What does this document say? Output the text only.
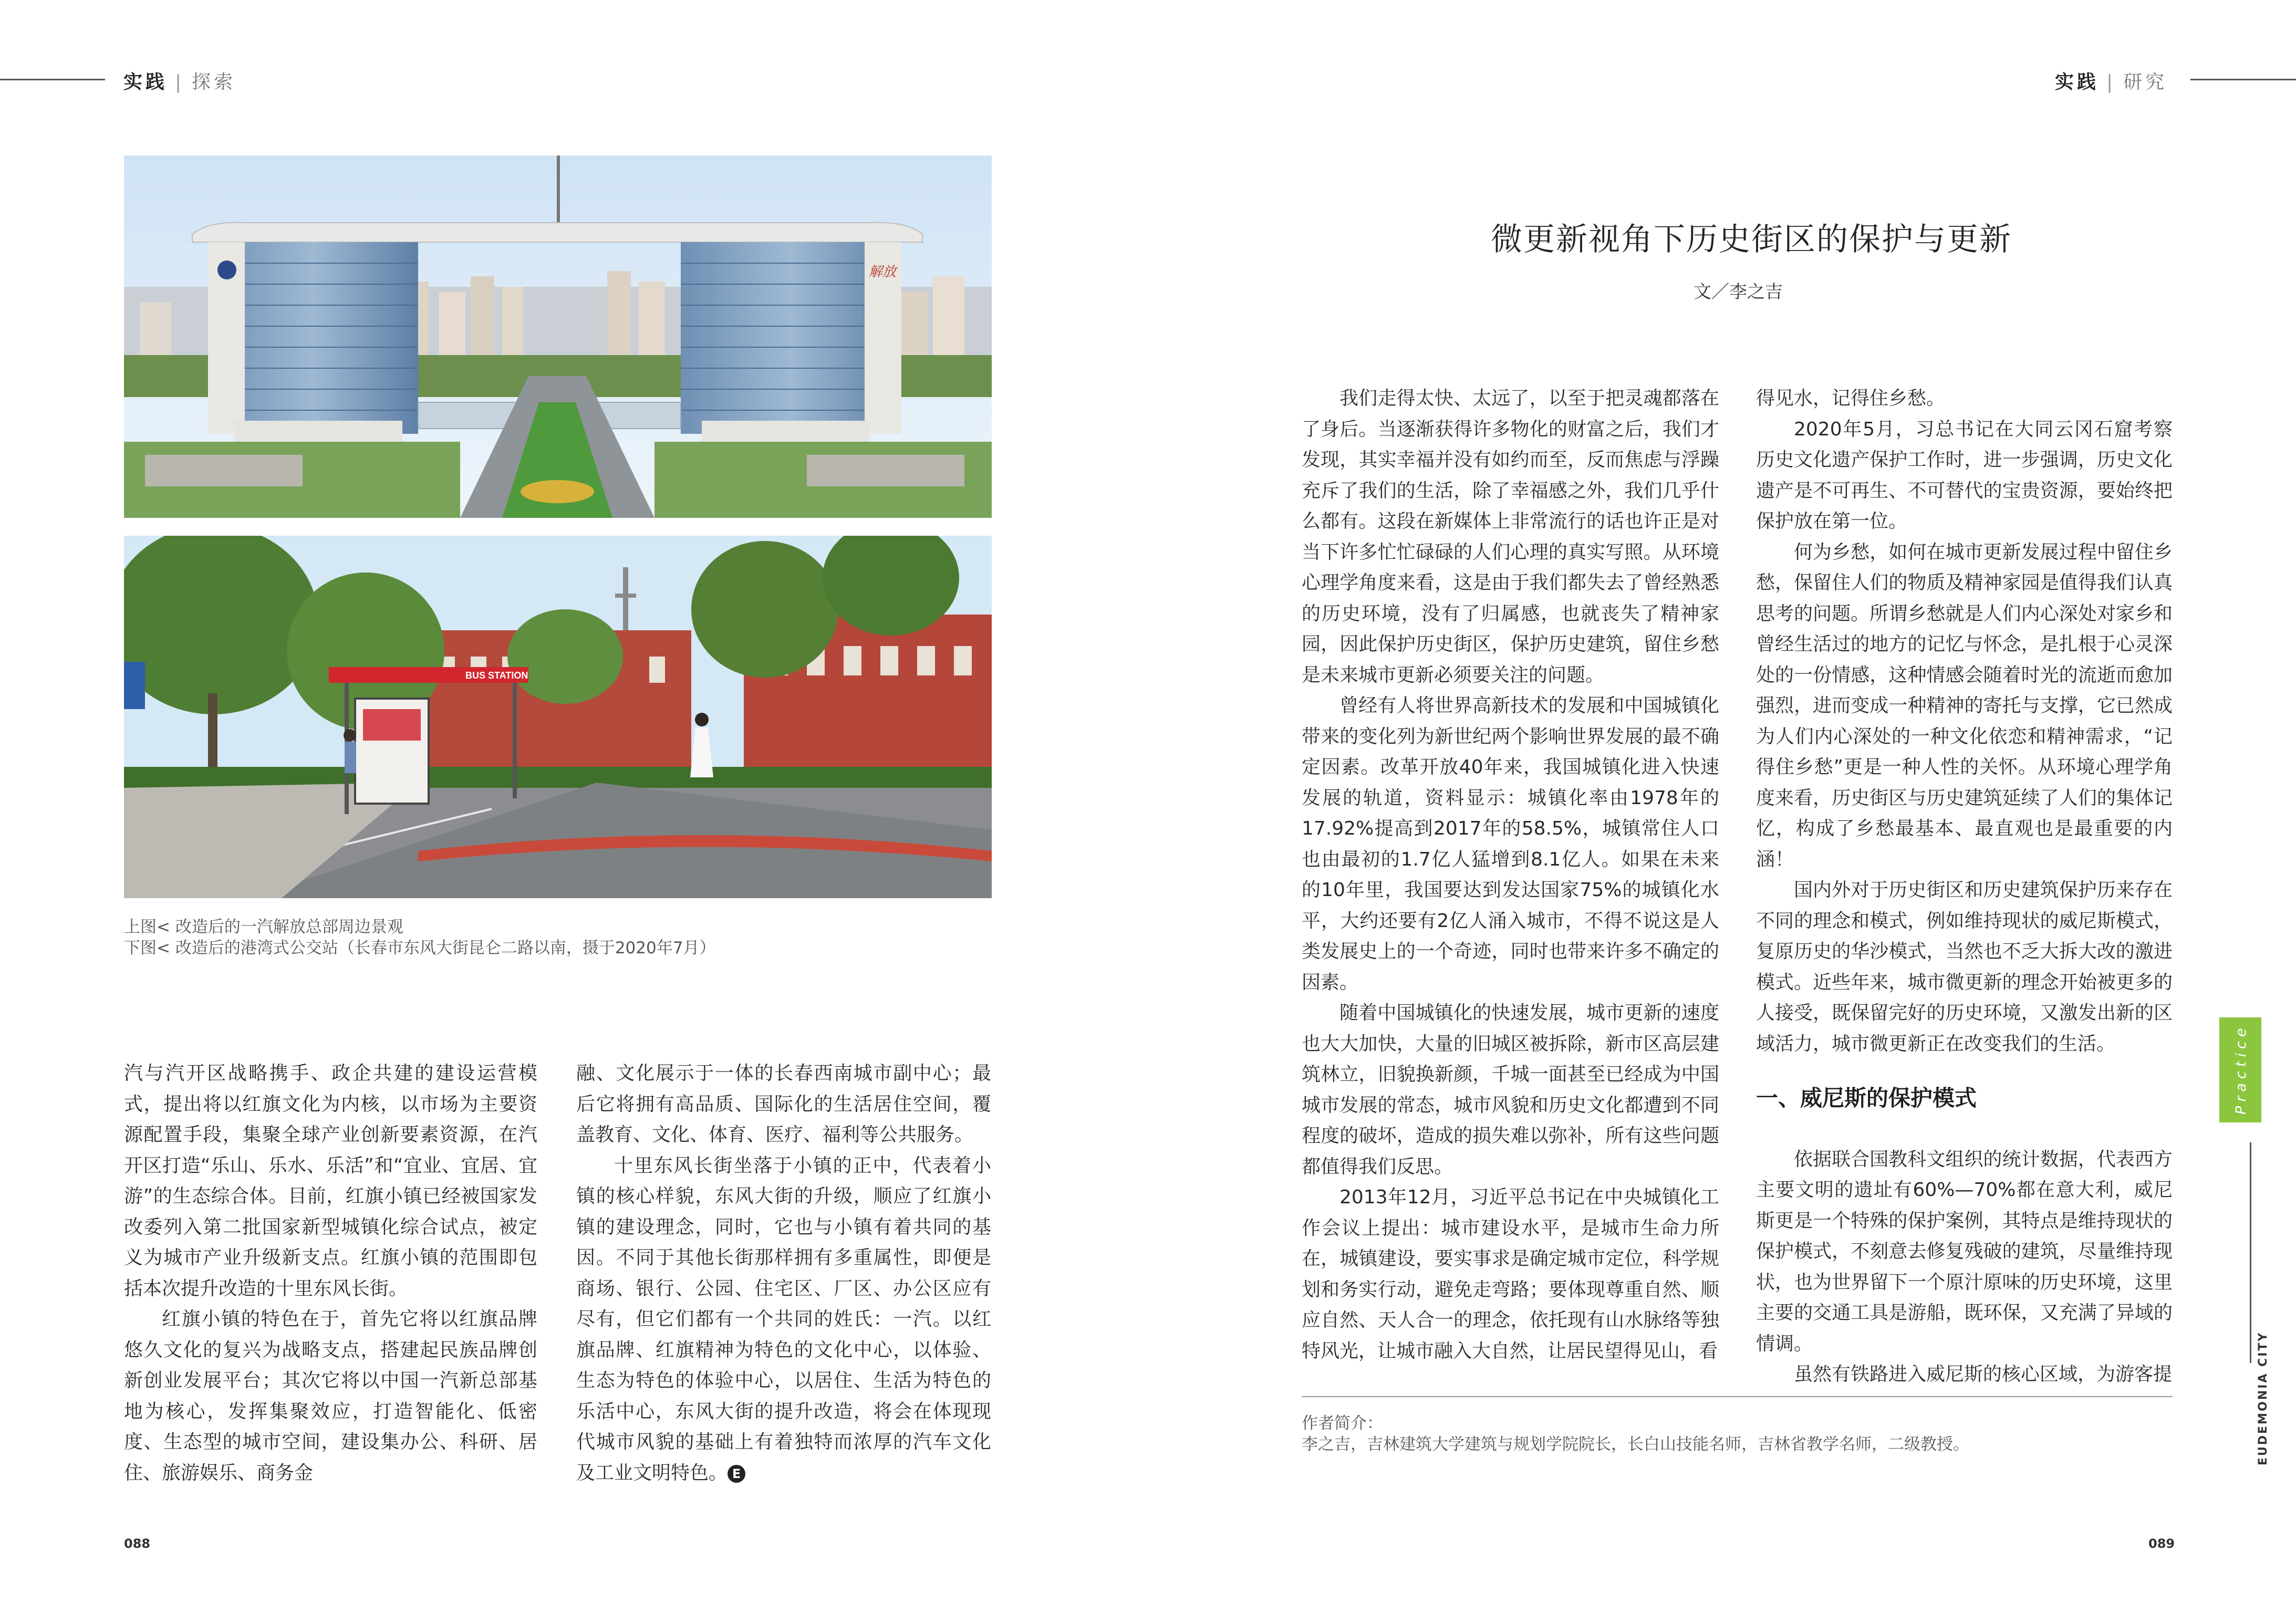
实践 | 探索
解放
BUS STATION
上图< 改造后的一汽解放总部周边景观
下图< 改造后的港湾式公交站（长春市东风大街昆仑二路以南，摄于2020年7月）

汽与汽开区战略携手、政企共建的建设运营模式，提出将以红旗文化为内核，以市场为主要资源配置手段，集聚全球产业创新要素资源，在汽开区打造“乐山、乐水、乐活”和“宜业、宜居、宜游”的生态综合体。目前，红旗小镇已经被国家发改委列入第二批国家新型城镇化综合试点，被定义为城市产业升级新支点。红旗小镇的范围即包括本次提升改造的十里东风长街。

红旗小镇的特色在于，首先它将以红旗品牌悠久文化的复兴为战略支点，搭建起民族品牌创新创业发展平台；其次它将以中国一汽新总部基地为核心，发挥集聚效应，打造智能化、低密度、生态型的城市空间，建设集办公、科研、居住、旅游娱乐、商务金

融、文化展示于一体的长春西南城市副中心；最后它将拥有高品质、国际化的生活居住空间，覆盖教育、文化、体育、医疗、福利等公共服务。

十里东风长街坐落于小镇的正中，代表着小镇的核心样貌，东风大街的升级，顺应了红旗小镇的建设理念，同时，它也与小镇有着共同的基因。不同于其他长街那样拥有多重属性，即便是商场、银行、公园、住宅区、厂区、办公区应有尽有，但它们都有一个共同的姓氏：一汽。以红旗品牌、红旗精神为特色的文化中心，以体验、生态为特色的体验中心，以居住、生活为特色的乐活中心，东风大街的提升改造，将会在体现现代城市风貌的基础上有着独特而浓厚的汽车文化及工业文明特色。 E

088
实践 | 研究
微更新视角下历史街区的保护与更新
文／李之吉

我们走得太快、太远了，以至于把灵魂都落在了身后。当逐渐获得许多物化的财富之后，我们才发现，其实幸福并没有如约而至，反而焦虑与浮躁充斥了我们的生活，除了幸福感之外，我们几乎什么都有。这段在新媒体上非常流行的话也许正是对当下许多忙忙碌碌的人们心理的真实写照。从环境心理学角度来看，这是由于我们都失去了曾经熟悉的历史环境，没有了归属感，也就丧失了精神家园，因此保护历史街区，保护历史建筑，留住乡愁是未来城市更新必须要关注的问题。

曾经有人将世界高新技术的发展和中国城镇化带来的变化列为新世纪两个影响世界发展的最不确定因素。改革开放40年来，我国城镇化进入快速发展的轨道，资料显示：城镇化率由1978年的17.92%提高到2017年的58.5%，城镇常住人口也由最初的1.7亿人猛增到8.1亿人。如果在未来的10年里，我国要达到发达国家75%的城镇化水平，大约还要有2亿人涌入城市，不得不说这是人类发展史上的一个奇迹，同时也带来许多不确定的因素。

随着中国城镇化的快速发展，城市更新的速度也大大加快，大量的旧城区被拆除，新市区高层建筑林立，旧貌换新颜，千城一面甚至已经成为中国城市发展的常态，城市风貌和历史文化都遭到不同程度的破坏，造成的损失难以弥补，所有这些问题都值得我们反思。

2013年12月，习近平总书记在中央城镇化工作会议上提出：城市建设水平，是城市生命力所在，城镇建设，要实事求是确定城市定位，科学规划和务实行动，避免走弯路；要体现尊重自然、顺应自然、天人合一的理念，依托现有山水脉络等独特风光，让城市融入大自然，让居民望得见山，看

得见水，记得住乡愁。

2020年5月，习总书记在大同云冈石窟考察历史文化遗产保护工作时，进一步强调，历史文化遗产是不可再生、不可替代的宝贵资源，要始终把保护放在第一位。

何为乡愁，如何在城市更新发展过程中留住乡愁，保留住人们的物质及精神家园是值得我们认真思考的问题。所谓乡愁就是人们内心深处对家乡和曾经生活过的地方的记忆与怀念，是扎根于心灵深处的一份情感，这种情感会随着时光的流逝而愈加强烈，进而变成一种精神的寄托与支撑，它已然成为人们内心深处的一种文化依恋和精神需求，“记得住乡愁”更是一种人性的关怀。从环境心理学角度来看，历史街区与历史建筑延续了人们的集体记忆，构成了乡愁最基本、最直观也是最重要的内涵！

国内外对于历史街区和历史建筑保护历来存在不同的理念和模式，例如维持现状的威尼斯模式，复原历史的华沙模式，当然也不乏大拆大改的激进模式。近些年来，城市微更新的理念开始被更多的人接受，既保留完好的历史环境，又激发出新的区域活力，城市微更新正在改变我们的生活。

一、威尼斯的保护模式

依据联合国教科文组织的统计数据，代表西方主要文明的遗址有60%—70%都在意大利，威尼斯更是一个特殊的保护案例，其特点是维持现状的保护模式，不刻意去修复残破的建筑，尽量维持现状，也为世界留下一个原汁原味的历史环境，这里主要的交通工具是游船，既环保，又充满了异域的情调。

虽然有铁路进入威尼斯的核心区域，为游客提

作者简介：
李之吉，吉林建筑大学建筑与规划学院院长，长白山技能名师，吉林省教学名师，二级教授。
Practice
EUDEMONIA CITY
089
